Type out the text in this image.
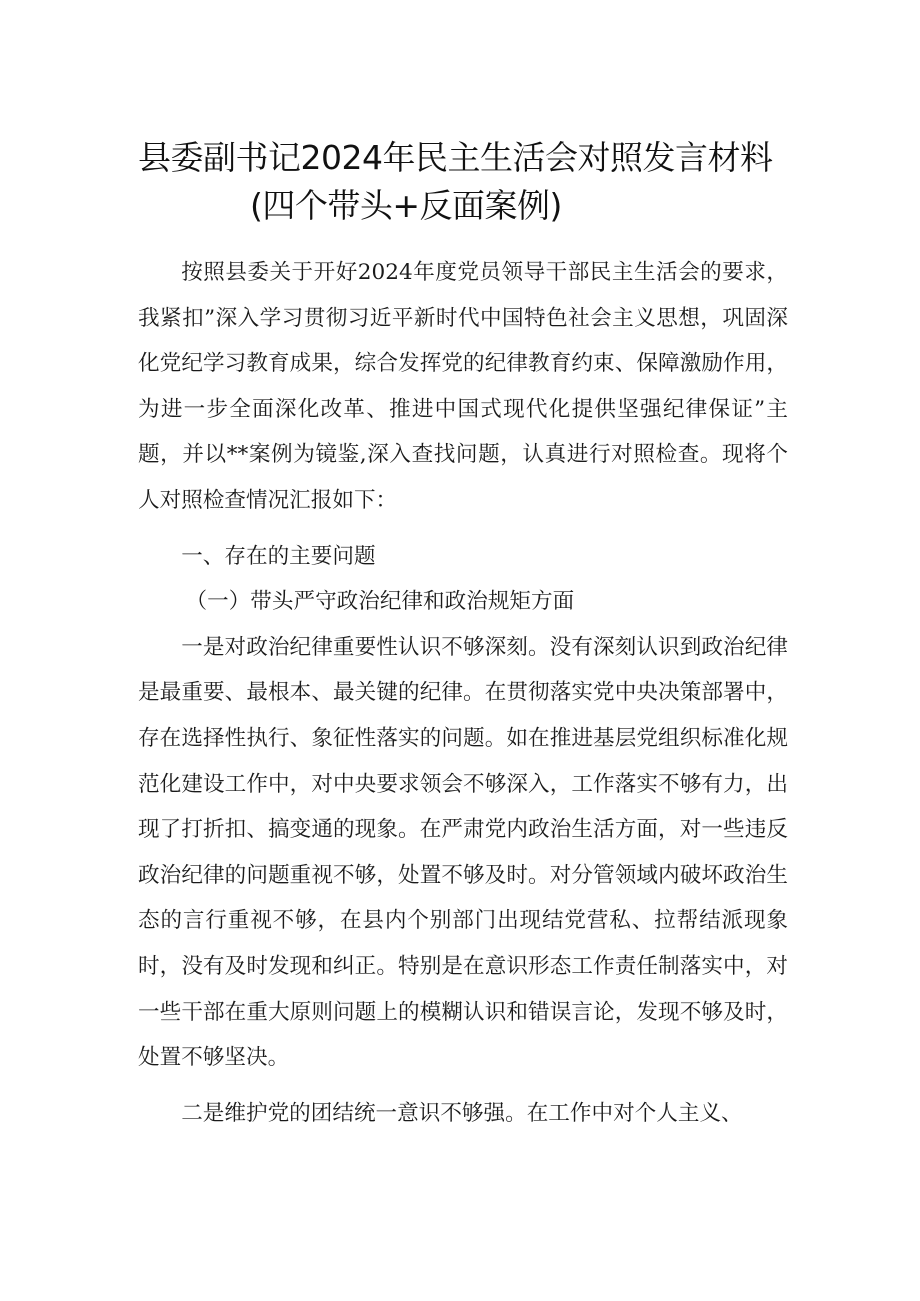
县委副书记2024年民主生活会对照发言材料
(四个带头+反面案例)

按照县委关于开好2024年度党员领导干部民主生活会的要求，我紧扣”深入学习贯彻习近平新时代中国特色社会主义思想，巩固深化党纪学习教育成果，综合发挥党的纪律教育约束、保障激励作用，为进一步全面深化改革、推进中国式现代化提供坚强纪律保证”主题，并以**案例为镜鉴,深入查找问题，认真进行对照检查。现将个人对照检查情况汇报如下：

一、存在的主要问题

（一）带头严守政治纪律和政治规矩方面

一是对政治纪律重要性认识不够深刻。没有深刻认识到政治纪律是最重要、最根本、最关键的纪律。在贯彻落实党中央决策部署中，存在选择性执行、象征性落实的问题。如在推进基层党组织标准化规范化建设工作中，对中央要求领会不够深入，工作落实不够有力，出现了打折扣、搞变通的现象。在严肃党内政治生活方面，对一些违反政治纪律的问题重视不够，处置不够及时。对分管领域内破坏政治生态的言行重视不够，在县内个别部门出现结党营私、拉帮结派现象时，没有及时发现和纠正。特别是在意识形态工作责任制落实中，对一些干部在重大原则问题上的模糊认识和错误言论，发现不够及时，处置不够坚决。

二是维护党的团结统一意识不够强。在工作中对个人主义、
